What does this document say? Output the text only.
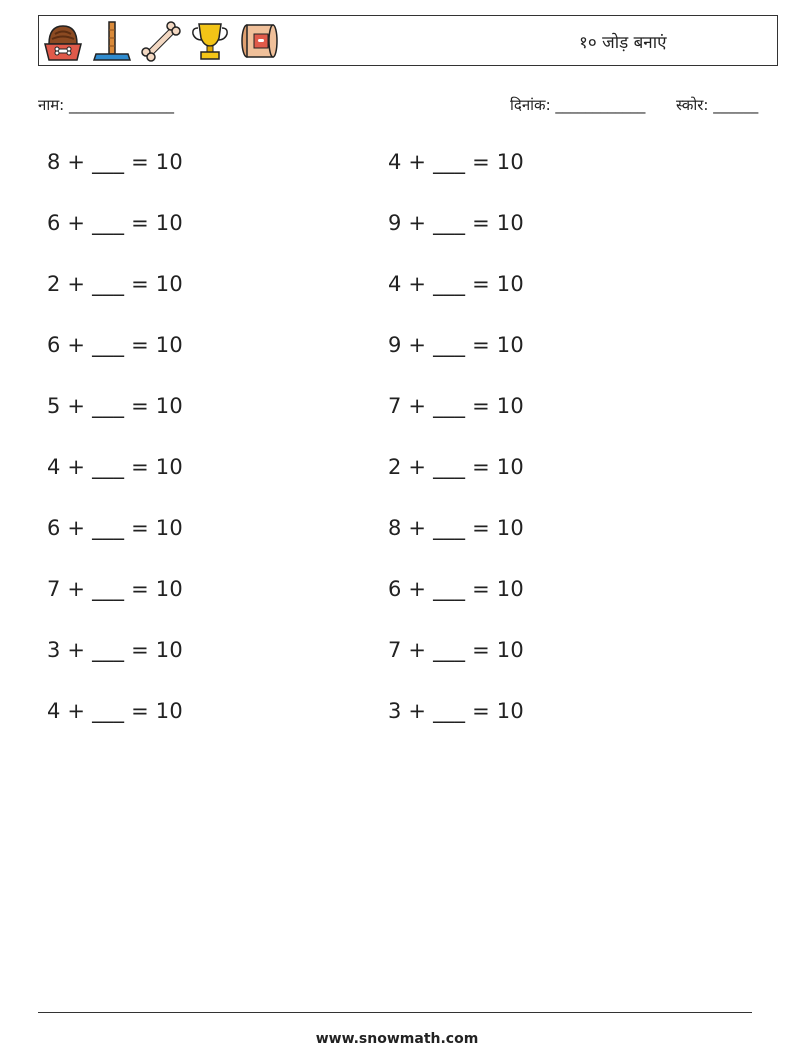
१० जोड़ बनाएं
नाम: ______________	दिनांक: ____________ स्कोर: ______
8 + ___ = 10
6 + ___ = 10
2 + ___ = 10
6 + ___ = 10
5 + ___ = 10
4 + ___ = 10
6 + ___ = 10
7 + ___ = 10
3 + ___ = 10
4 + ___ = 10
4 + ___ = 10
9 + ___ = 10
4 + ___ = 10
9 + ___ = 10
7 + ___ = 10
2 + ___ = 10
8 + ___ = 10
6 + ___ = 10
7 + ___ = 10
3 + ___ = 10
www.snowmath.com
